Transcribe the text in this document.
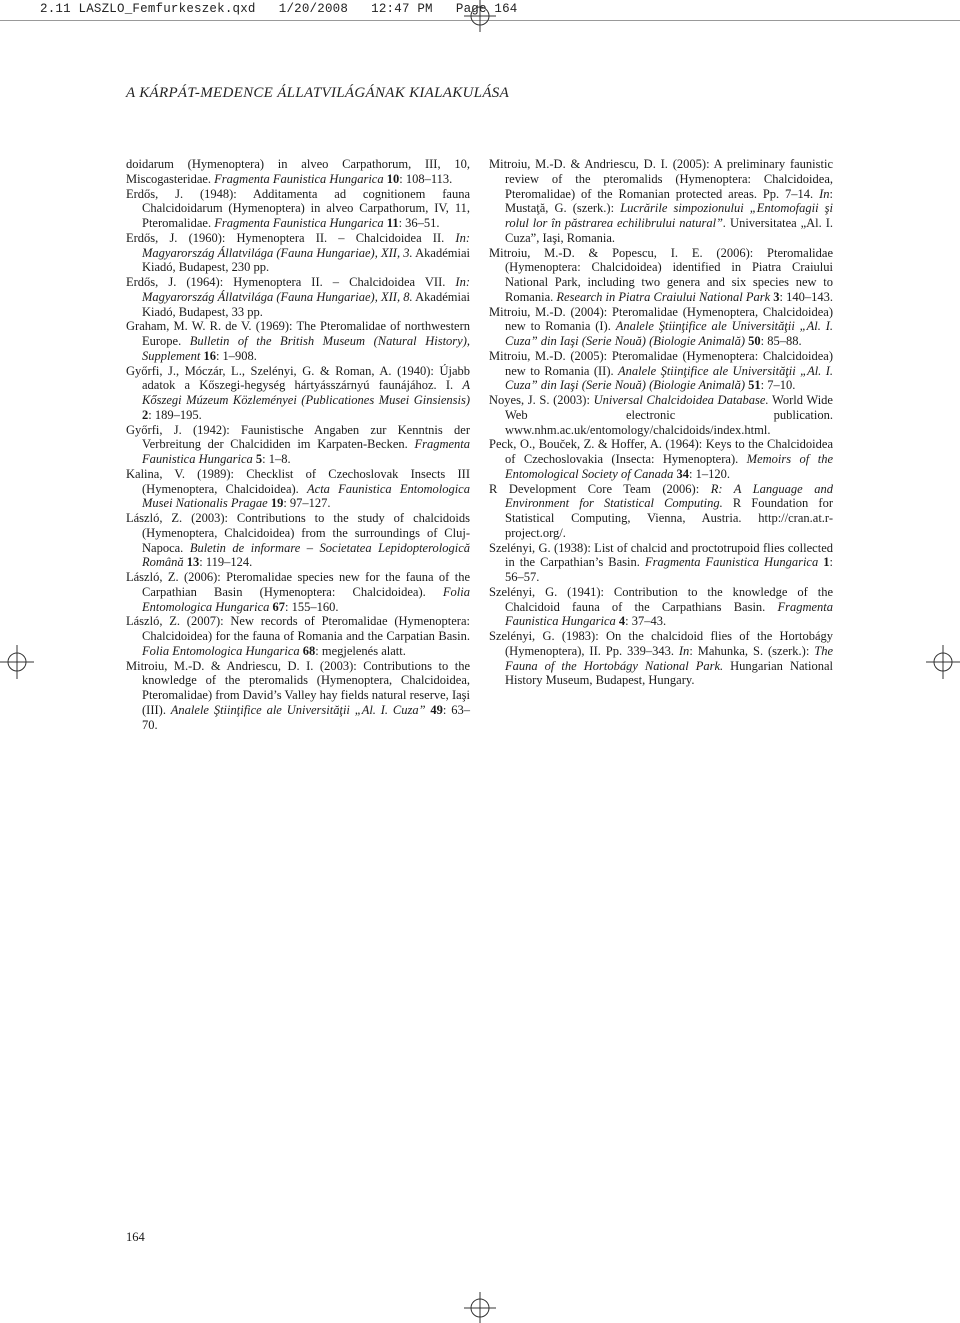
2.11 LASZLO_Femfurkeszek.qxd   1/20/2008   12:47 PM   Page 164
A KÁRPÁT-MEDENCE ÁLLATVILÁGÁNAK KIALAKULÁSA

doidarum (Hymenoptera) in alveo Carpathorum, III, 10, Miscogasteridae. Fragmenta Faunistica Hungarica 10: 108–113.

Erdős, J. (1948): Additamenta ad cognitionem fauna Chalcidoidarum (Hymenoptera) in alveo Carpathorum, IV, 11, Pteromalidae. Fragmenta Faunistica Hungarica 11: 36–51.

Erdős, J. (1960): Hymenoptera II. – Chalcidoidea II. In: Magyarország Állatvilága (Fauna Hungariae), XII, 3. Akadémiai Kiadó, Budapest, 230 pp.

Erdős, J. (1964): Hymenoptera II. – Chalcidoidea VII. In: Magyarország Állatvilága (Fauna Hungariae), XII, 8. Akadémiai Kiadó, Budapest, 33 pp.

Graham, M. W. R. de V. (1969): The Pteromalidae of northwestern Europe. Bulletin of the British Museum (Natural History), Supplement 16: 1–908.

Győrfi, J., Móczár, L., Szelényi, G. & Roman, A. (1940): Újabb adatok a Kőszegi-hegység hártyásszárnyú faunájához. I. A Kőszegi Múzeum Közleményei (Publicationes Musei Ginsiensis) 2: 189–195.

Győrfi, J. (1942): Faunistische Angaben zur Kenntnis der Verbreitung der Chalcididen im Karpaten-Becken. Fragmenta Faunistica Hungarica 5: 1–8.

Kalina, V. (1989): Checklist of Czechoslovak Insects III (Hymenoptera, Chalcidoidea). Acta Faunistica Entomologica Musei Nationalis Pragae 19: 97–127.

László, Z. (2003): Contributions to the study of chalcidoids (Hymenoptera, Chalcidoidea) from the surroundings of Cluj-Napoca. Buletin de informare – Societatea Lepidopterologică Română 13: 119–124.

László, Z. (2006): Pteromalidae species new for the fauna of the Carpathian Basin (Hymenoptera: Chalcidoidea). Folia Entomologica Hungarica 67: 155–160.

László, Z. (2007): New records of Pteromalidae (Hymenoptera: Chalcidoidea) for the fauna of Romania and the Carpatian Basin. Folia Entomologica Hungarica 68: megjelenés alatt.

Mitroiu, M.-D. & Andriescu, D. I. (2003): Contributions to the knowledge of the pteromalids (Hymenoptera, Chalcidoidea, Pteromalidae) from David’s Valley hay fields natural reserve, Iaşi (III). Analele Ştiinţifice ale Universităţii „Al. I. Cuza” 49: 63–70.

Mitroiu, M.-D. & Andriescu, D. I. (2005): A preliminary faunistic review of the pteromalids (Hymenoptera: Chalcidoidea, Pteromalidae) of the Romanian protected areas. Pp. 7–14. In: Mustaţă, G. (szerk.): Lucrările simpozionului „Entomofagii şi rolul lor în păstrarea echilibrului natural”. Universitatea „Al. I. Cuza”, Iaşi, Romania.

Mitroiu, M.-D. & Popescu, I. E. (2006): Pteromalidae (Hymenoptera: Chalcidoidea) identified in Piatra Craiului National Park, including two genera and six species new to Romania. Research in Piatra Craiului National Park 3: 140–143.

Mitroiu, M.-D. (2004): Pteromalidae (Hymenoptera, Chalcidoidea) new to Romania (I). Analele Ştiinţifice ale Universităţii „Al. I. Cuza” din Iaşi (Serie Nouă) (Biologie Animală) 50: 85–88.

Mitroiu, M.-D. (2005): Pteromalidae (Hymenoptera: Chalcidoidea) new to Romania (II). Analele Ştiinţifice ale Universităţii „Al. I. Cuza” din Iaşi (Serie Nouă) (Biologie Animală) 51: 7–10.

Noyes, J. S. (2003): Universal Chalcidoidea Database. World Wide Web electronic publication. www.nhm.ac.uk/entomology/chalcidoids/index.html.

Peck, O., Bouček, Z. & Hoffer, A. (1964): Keys to the Chalcidoidea of Czechoslovakia (Insecta: Hymenoptera). Memoirs of the Entomological Society of Canada 34: 1–120.

R Development Core Team (2006): R: A Language and Environment for Statistical Computing. R Foundation for Statistical Computing, Vienna, Austria. http://cran.at.r-project.org/.

Szelényi, G. (1938): List of chalcid and proctotrupoid flies collected in the Carpathian’s Basin. Fragmenta Faunistica Hungarica 1: 56–57.

Szelényi, G. (1941): Contribution to the knowledge of the Chalcidoid fauna of the Carpathians Basin. Fragmenta Faunistica Hungarica 4: 37–43.

Szelényi, G. (1983): On the chalcidoid flies of the Hortobágy (Hymenoptera), II. Pp. 339–343. In: Mahunka, S. (szerk.): The Fauna of the Hortobágy National Park. Hungarian National History Museum, Budapest, Hungary.

164
